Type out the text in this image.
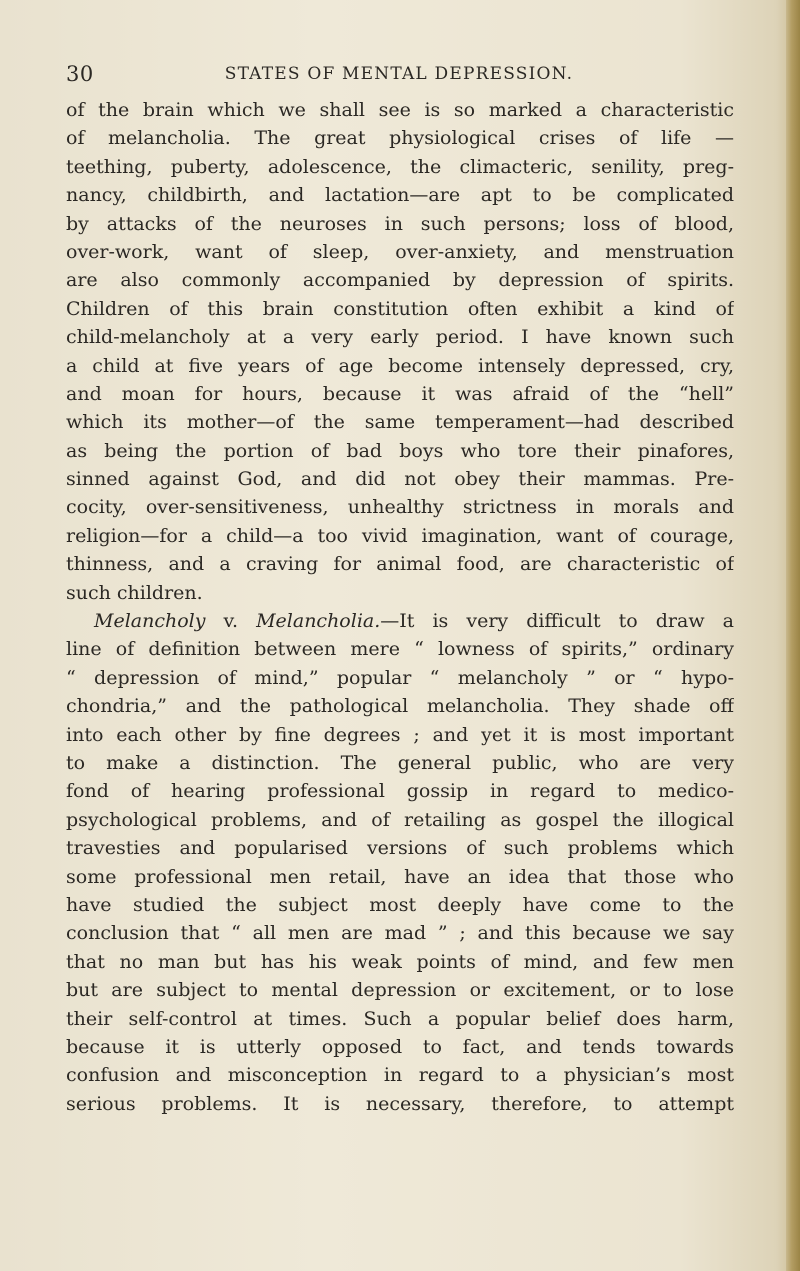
30	STATES OF MENTAL DEPRESSION.
of the brain which we shall see is so marked a characteristic
of melancholia. The great physiological crises of life —
teething, puberty, adolescence, the climacteric, senility, preg-
nancy, childbirth, and lactation—are apt to be complicated
by attacks of the neuroses in such persons; loss of blood,
over-work, want of sleep, over-anxiety, and menstruation
are also commonly accompanied by depression of spirits.
Children of this brain constitution often exhibit a kind of
child-melancholy at a very early period. I have known such
a child at five years of age become intensely depressed, cry,
and moan for hours, because it was afraid of the “hell”
which its mother—of the same temperament—had described
as being the portion of bad boys who tore their pinafores,
sinned against God, and did not obey their mammas. Pre-
cocity, over-sensitiveness, unhealthy strictness in morals and
religion—for a child—a too vivid imagination, want of courage,
thinness, and a craving for animal food, are characteristic of
such children.
Melancholy v. Melancholia.—It is very difficult to draw a
line of definition between mere “ lowness of spirits,” ordinary
“ depression of mind,” popular “ melancholy ” or “ hypo-
chondria,” and the pathological melancholia. They shade off
into each other by fine degrees ; and yet it is most important
to make a distinction. The general public, who are very
fond of hearing professional gossip in regard to medico-
psychological problems, and of retailing as gospel the illogical
travesties and popularised versions of such problems which
some professional men retail, have an idea that those who
have studied the subject most deeply have come to the
conclusion that “ all men are mad ” ; and this because we say
that no man but has his weak points of mind, and few men
but are subject to mental depression or excitement, or to lose
their self-control at times. Such a popular belief does harm,
because it is utterly opposed to fact, and tends towards
confusion and misconception in regard to a physician’s most
serious problems. It is necessary, therefore, to attempt
